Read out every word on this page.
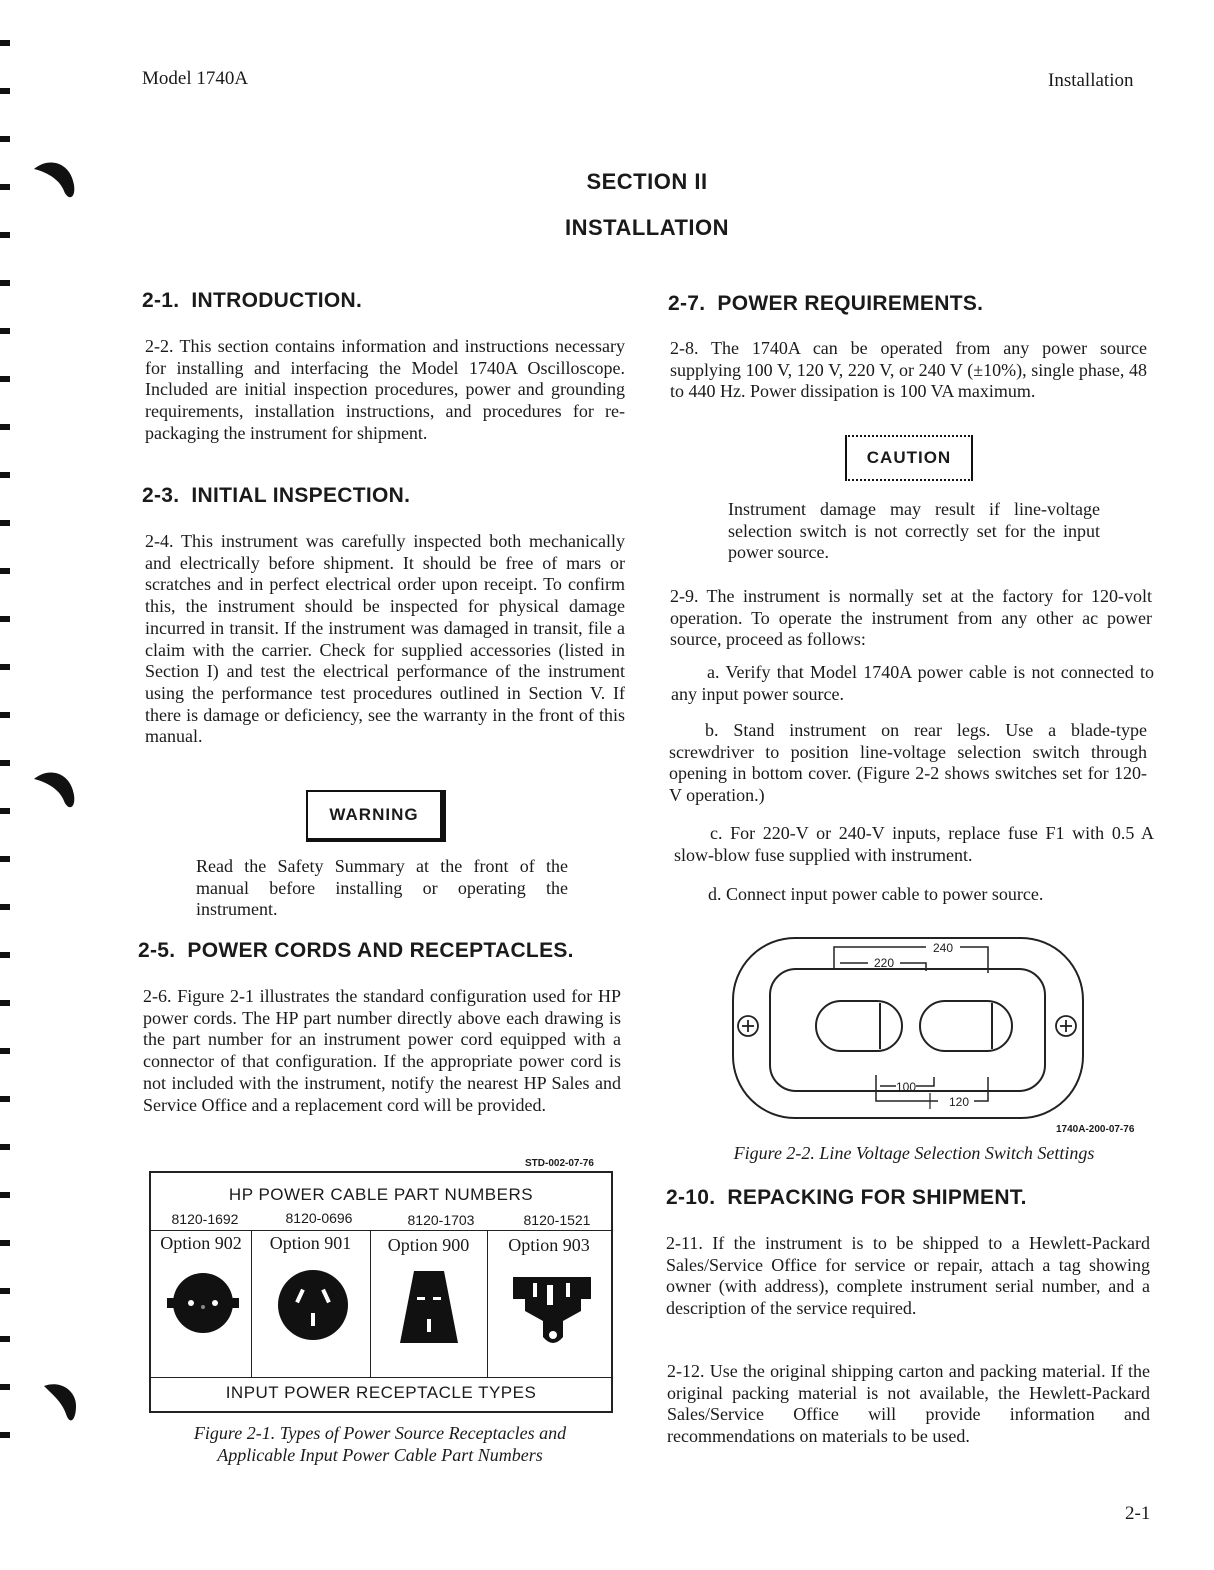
Model 1740A	Installation
SECTION II
INSTALLATION
2-1. INTRODUCTION.
2-2. This section contains information and instructions necessary for installing and interfacing the Model 1740A Oscilloscope. Included are initial inspection procedures, power and grounding requirements, installation instructions, and procedures for re-packaging the instrument for shipment.
2-3. INITIAL INSPECTION.
2-4. This instrument was carefully inspected both mechanically and electrically before shipment. It should be free of mars or scratches and in perfect electrical order upon receipt. To confirm this, the instrument should be inspected for physical damage incurred in transit. If the instrument was damaged in transit, file a claim with the carrier. Check for supplied accessories (listed in Section I) and test the electrical performance of the instrument using the performance test procedures outlined in Section V. If there is damage or deficiency, see the warranty in the front of this manual.
WARNING
Read the Safety Summary at the front of the manual before installing or operating the instrument.
2-5. POWER CORDS AND RECEPTACLES.
2-6. Figure 2-1 illustrates the standard configuration used for HP power cords. The HP part number directly above each drawing is the part number for an instrument power cord equipped with a connector of that configuration. If the appropriate power cord is not included with the instrument, notify the nearest HP Sales and Service Office and a replacement cord will be provided.
STD-002-07-76
HP POWER CABLE PART NUMBERS
8120-1692	8120-0696	8120-1703	8120-1521
Option 902	Option 901	Option 900	Option 903
INPUT POWER RECEPTACLE TYPES
Figure 2-1. Types of Power Source Receptacles and
Applicable Input Power Cable Part Numbers
2-7. POWER REQUIREMENTS.
2-8. The 1740A can be operated from any power source supplying 100 V, 120 V, 220 V, or 240 V (±10%), single phase, 48 to 440 Hz. Power dissipation is 100 VA maximum.
CAUTION
Instrument damage may result if line-voltage selection switch is not correctly set for the input power source.
2-9. The instrument is normally set at the factory for 120-volt operation. To operate the instrument from any other ac power source, proceed as follows:
a. Verify that Model 1740A power cable is not connected to any input power source.
b. Stand instrument on rear legs. Use a blade-type screwdriver to position line-voltage selection switch through opening in bottom cover. (Figure 2-2 shows switches set for 120-V operation.)
c. For 220-V or 240-V inputs, replace fuse F1 with 0.5 A slow-blow fuse supplied with instrument.
d. Connect input power cable to power source.
240
220
100
120
1740A-200-07-76
Figure 2-2. Line Voltage Selection Switch Settings
2-10. REPACKING FOR SHIPMENT.
2-11. If the instrument is to be shipped to a Hewlett-Packard Sales/Service Office for service or repair, attach a tag showing owner (with address), complete instrument serial number, and a description of the service required.
2-12. Use the original shipping carton and packing material. If the original packing material is not available, the Hewlett-Packard Sales/Service Office will provide information and recommendations on materials to be used.
2-1
